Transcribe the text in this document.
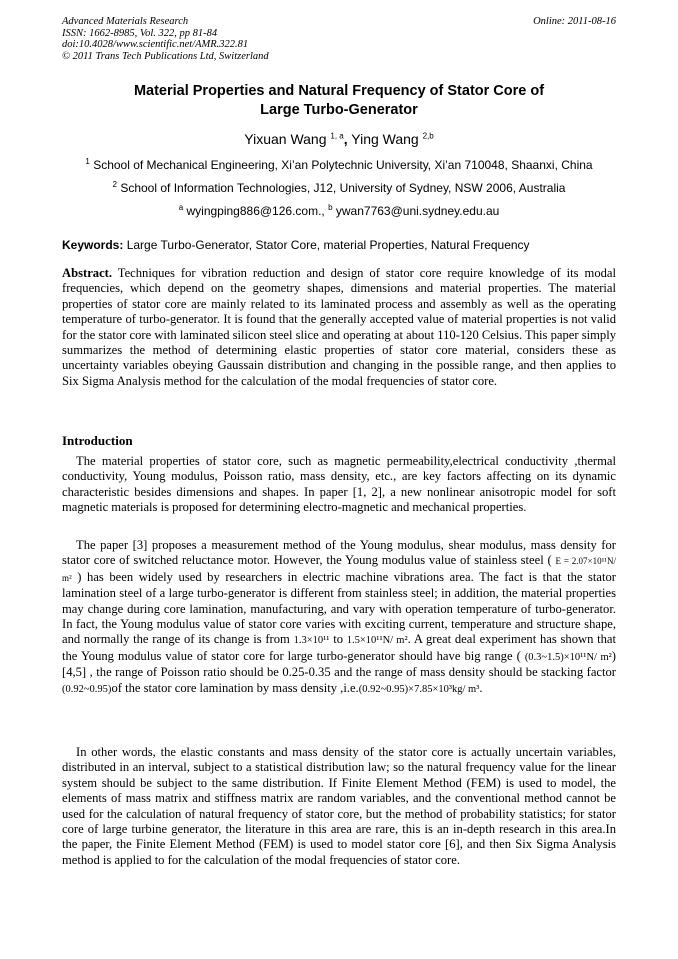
Advanced Materials Research
ISSN: 1662-8985, Vol. 322, pp 81-84
doi:10.4028/www.scientific.net/AMR.322.81
© 2011 Trans Tech Publications Ltd, Switzerland
Online: 2011-08-16
Material Properties and Natural Frequency of Stator Core of
Large Turbo-Generator
Yixuan Wang $^{1, a}$, Ying Wang $^{2,b}$
$^1$ School of Mechanical Engineering, Xi’an Polytechnic University, Xi’an 710048, Shaanxi, China
$^2$ School of Information Technologies, J12, University of Sydney, NSW 2006, Australia
$^a$ wyingping886@126.com., $^b$ ywan7763@uni.sydney.edu.au
Keywords: Large Turbo-Generator, Stator Core, material Properties, Natural Frequency
Abstract. Techniques for vibration reduction and design of stator core require knowledge of its modal frequencies, which depend on the geometry shapes, dimensions and material properties. The material properties of stator core are mainly related to its laminated process and assembly as well as the operating temperature of turbo-generator. It is found that the generally accepted value of material properties is not valid for the stator core with laminated silicon steel slice and operating at about 110-120 Celsius. This paper simply summarizes the method of determining elastic properties of stator core material, considers these as uncertainty variables obeying Gaussain distribution and changing in the possible range, and then applies to Six Sigma Analysis method for the calculation of the modal frequencies of stator core.
Introduction
The material properties of stator core, such as magnetic permeability,electrical conductivity ,thermal conductivity, Young modulus, Poisson ratio, mass density, etc., are key factors affecting on its dynamic characteristic besides dimensions and shapes. In paper [1, 2], a new nonlinear anisotropic model for soft magnetic materials is proposed for determining electro-magnetic and mechanical properties.
The paper [3] proposes a measurement method of the Young modulus, shear modulus, mass density for stator core of switched reluctance motor. However, the Young modulus value of stainless steel ( E = 2.07×10¹¹N/ m² ) has been widely used by researchers in electric machine vibrations area. The fact is that the stator lamination steel of a large turbo-generator is different from stainless steel; in addition, the material properties may change during core lamination, manufacturing, and vary with operation temperature of turbo-generator. In fact, the Young modulus value of stator core varies with exciting current, temperature and structure shape, and normally the range of its change is from 1.3×10¹¹ to 1.5×10¹¹N/ m². A great deal experiment has shown that the Young modulus value of stator core for large turbo-generator should have big range ( (0.3~1.5)×10¹¹N/ m²)[4,5] , the range of Poisson ratio should be 0.25-0.35 and the range of mass density should be stacking factor (0.92~0.95)of the stator core lamination by mass density ,i.e.(0.92~0.95)×7.85×10³kg/ m³.
In other words, the elastic constants and mass density of the stator core is actually uncertain variables, distributed in an interval, subject to a statistical distribution law; so the natural frequency value for the linear system should be subject to the same distribution. If Finite Element Method (FEM) is used to model, the elements of mass matrix and stiffness matrix are random variables, and the conventional method cannot be used for the calculation of natural frequency of stator core, but the method of probability statistics; for stator core of large turbine generator, the literature in this area are rare, this is an in-depth research in this area.In the paper, the Finite Element Method (FEM) is used to model stator core [6], and then Six Sigma Analysis method is applied to for the calculation of the modal frequencies of stator core.
